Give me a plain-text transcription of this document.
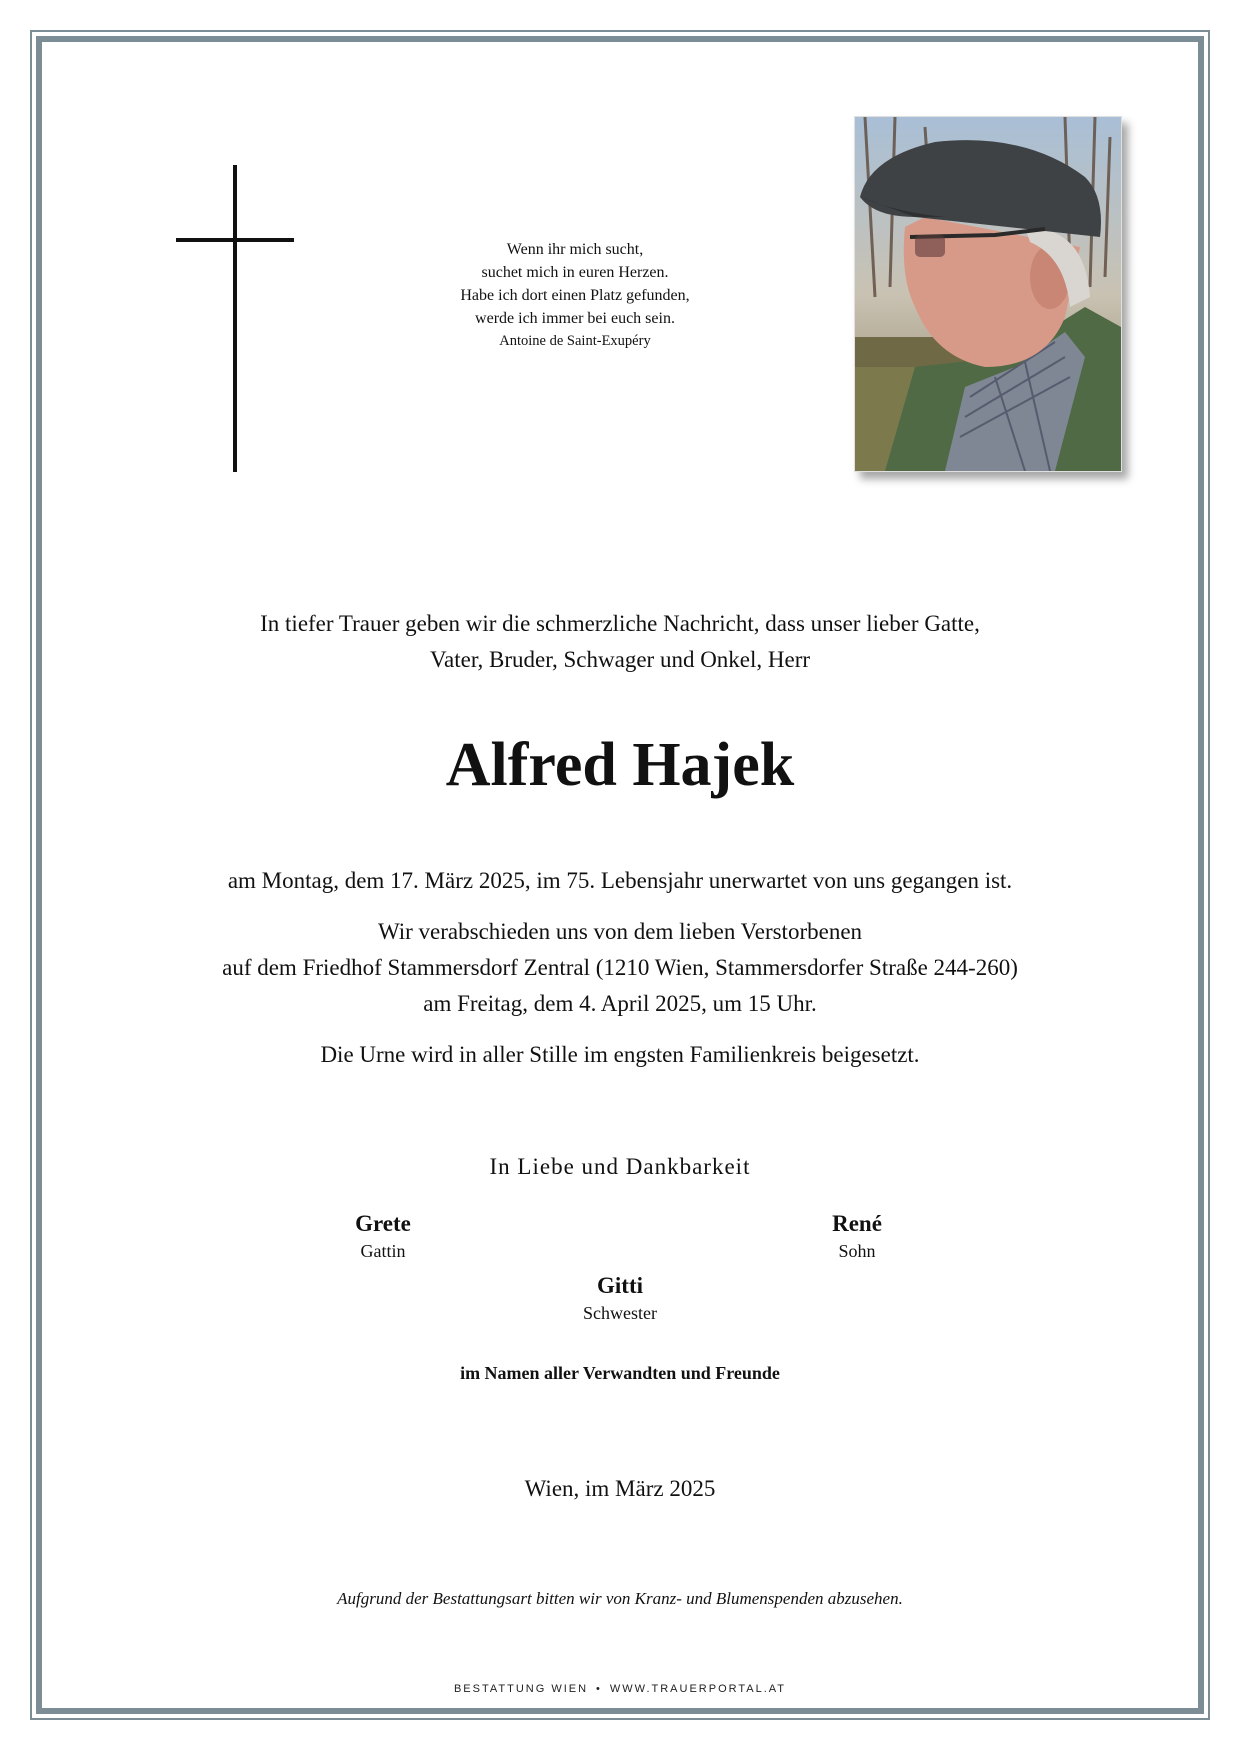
Wenn ihr mich sucht,
suchet mich in euren Herzen.
Habe ich dort einen Platz gefunden,
werde ich immer bei euch sein.
Antoine de Saint-Exupéry
In tiefer Trauer geben wir die schmerzliche Nachricht, dass unser lieber Gatte,
Vater, Bruder, Schwager und Onkel, Herr
Alfred Hajek
am Montag, dem 17. März 2025, im 75. Lebensjahr unerwartet von uns gegangen ist.
Wir verabschieden uns von dem lieben Verstorbenen
auf dem Friedhof Stammersdorf Zentral (1210 Wien, Stammersdorfer Straße 244-260)
am Freitag, dem 4. April 2025, um 15 Uhr.
Die Urne wird in aller Stille im engsten Familienkreis beigesetzt.
In Liebe und Dankbarkeit
Grete
Gattin
René
Sohn
Gitti
Schwester
im Namen aller Verwandten und Freunde
Wien, im März 2025
Aufgrund der Bestattungsart bitten wir von Kranz- und Blumenspenden abzusehen.
BESTATTUNG WIEN • WWW.TRAUERPORTAL.AT
